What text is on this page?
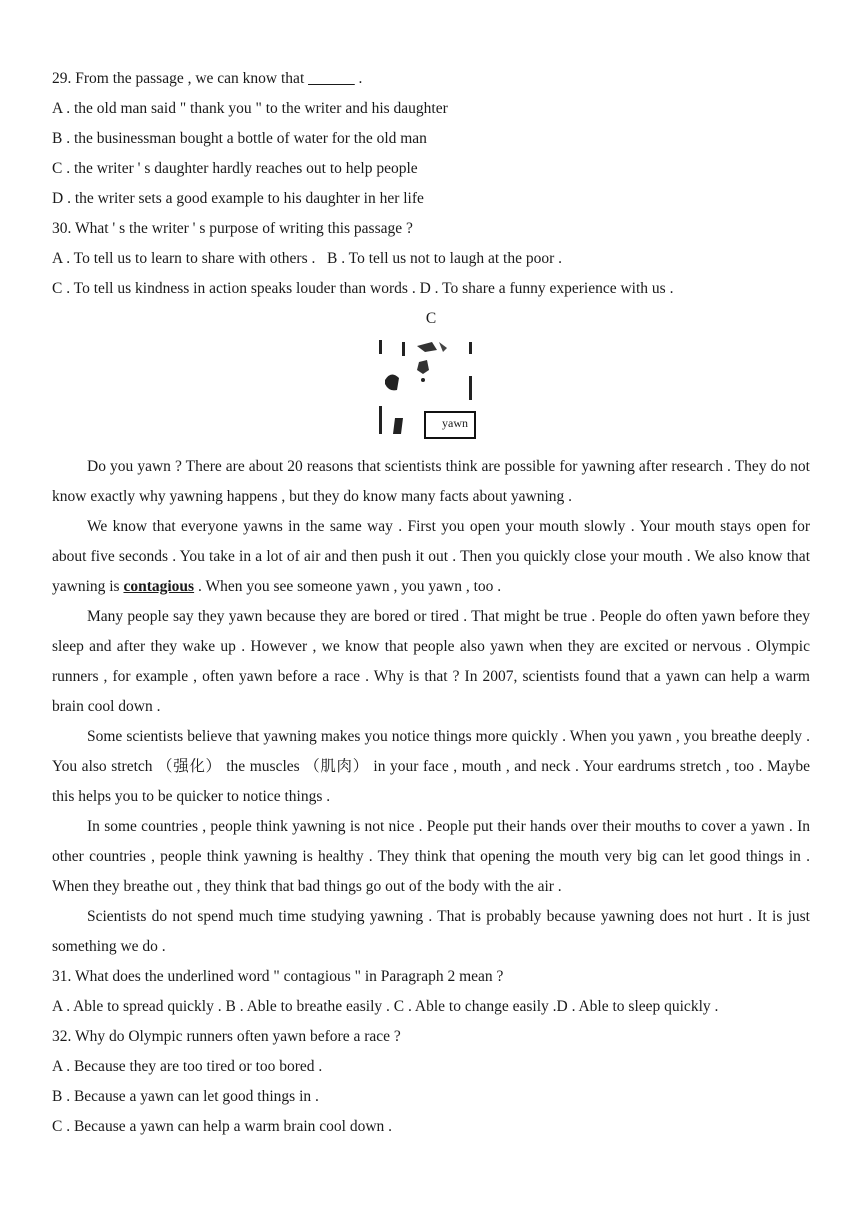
29. From the passage , we can know that ______ .
A . the old man said " thank you " to the writer and his daughter
B . the businessman bought a bottle of water for the old man
C . the writer ' s daughter hardly reaches out to help people
D . the writer sets a good example to his daughter in her life
30. What ' s the writer ' s purpose of writing this passage ?
A . To tell us to learn to share with others .   B . To tell us not to laugh at the poor .
C . To tell us kindness in action speaks louder than words . D . To share a funny experience with us .
C
yawn

Do you yawn ? There are about 20 reasons that scientists think are possible for yawning after research . They do not know exactly why yawning happens , but they do know many facts about yawning .

We know that everyone yawns in the same way . First you open your mouth slowly . Your mouth stays open for about five seconds . You take in a lot of air and then push it out . Then you quickly close your mouth . We also know that yawning is contagious . When you see someone yawn , you yawn , too .

Many people say they yawn because they are bored or tired . That might be true . People do often yawn before they sleep and after they wake up . However , we know that people also yawn when they are excited or nervous . Olympic runners , for example , often yawn before a race . Why is that ? In 2007, scientists found that a yawn can help a warm brain cool down .

Some scientists believe that yawning makes you notice things more quickly . When you yawn , you breathe deeply . You also stretch （强化） the muscles （肌肉） in your face , mouth , and neck . Your eardrums stretch , too . Maybe this helps you to be quicker to notice things .

In some countries , people think yawning is not nice . People put their hands over their mouths to cover a yawn . In other countries , people think yawning is healthy . They think that opening the mouth very big can let good things in . When they breathe out , they think that bad things go out of the body with the air .

Scientists do not spend much time studying yawning . That is probably because yawning does not hurt . It is just something we do .

31. What does the underlined word " contagious " in Paragraph 2 mean ?
A . Able to spread quickly . B . Able to breathe easily . C . Able to change easily .D . Able to sleep quickly .
32. Why do Olympic runners often yawn before a race ?
A . Because they are too tired or too bored .
B . Because a yawn can let good things in .
C . Because a yawn can help a warm brain cool down .
